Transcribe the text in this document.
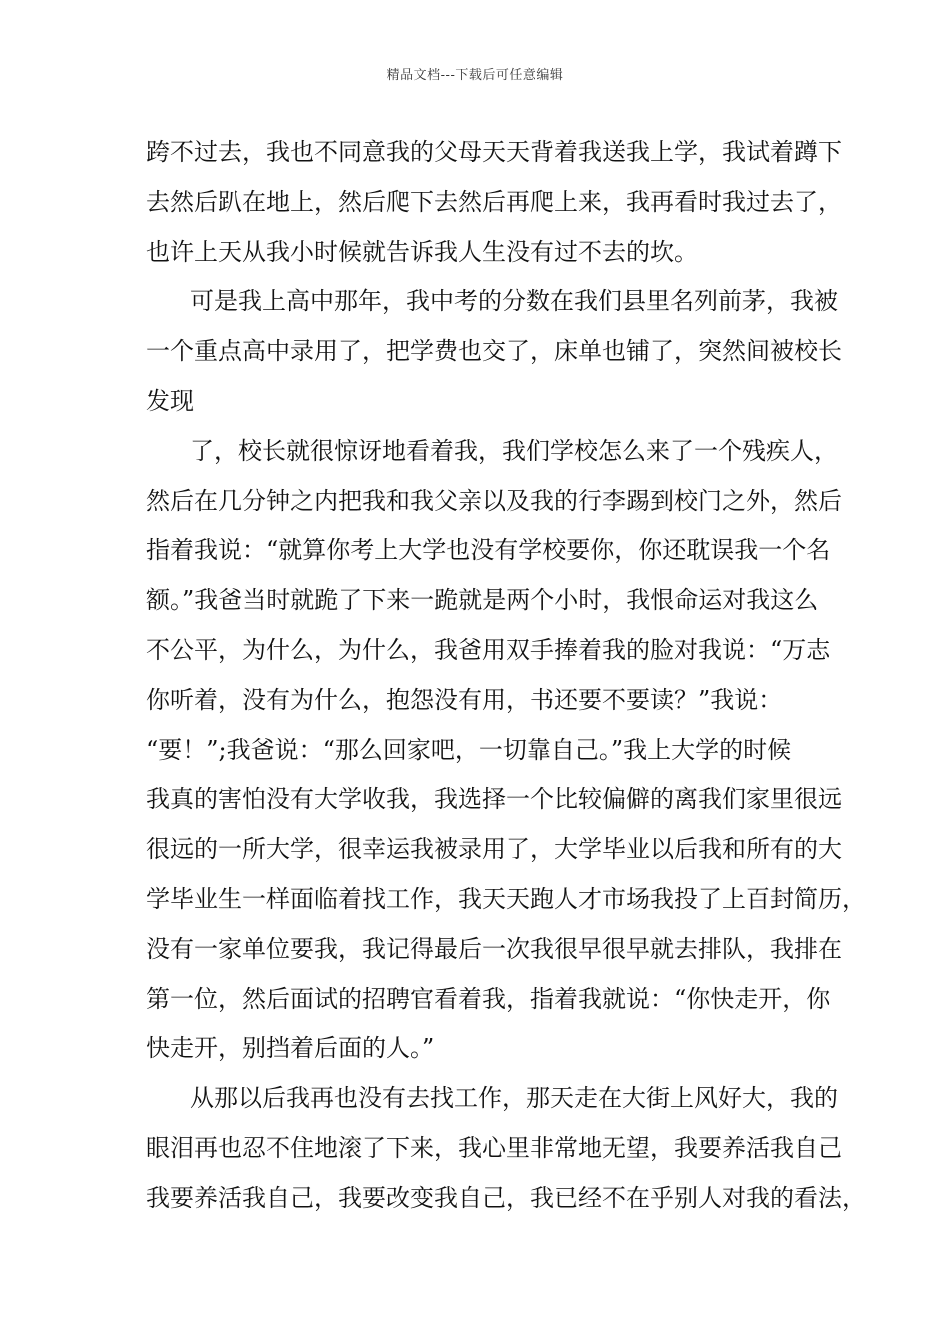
精品文档---下载后可任意编辑
跨不过去，我也不同意我的父母天天背着我送我上学，我试着蹲下
去然后趴在地上，然后爬下去然后再爬上来，我再看时我过去了，
也许上天从我小时候就告诉我人生没有过不去的坎。
可是我上高中那年，我中考的分数在我们县里名列前茅，我被
一个重点高中录用了，把学费也交了，床单也铺了，突然间被校长
发现
了，校长就很惊讶地看着我，我们学校怎么来了一个残疾人，
然后在几分钟之内把我和我父亲以及我的行李踢到校门之外，然后
指着我说：“就算你考上大学也没有学校要你，你还耽误我一个名
额。”我爸当时就跪了下来一跪就是两个小时，我恨命运对我这么
不公平，为什么，为什么，我爸用双手捧着我的脸对我说：“万志
你听着，没有为什么，抱怨没有用，书还要不要读？”我说：
“要！”;我爸说：“那么回家吧，一切靠自己。”我上大学的时候
我真的害怕没有大学收我，我选择一个比较偏僻的离我们家里很远
很远的一所大学，很幸运我被录用了，大学毕业以后我和所有的大
学毕业生一样面临着找工作，我天天跑人才市场我投了上百封简历，
没有一家单位要我，我记得最后一次我很早很早就去排队，我排在
第一位，然后面试的招聘官看着我，指着我就说：“你快走开，你
快走开，别挡着后面的人。”
从那以后我再也没有去找工作，那天走在大街上风好大，我的
眼泪再也忍不住地滚了下来，我心里非常地无望，我要养活我自己
我要养活我自己，我要改变我自己，我已经不在乎别人对我的看法，
